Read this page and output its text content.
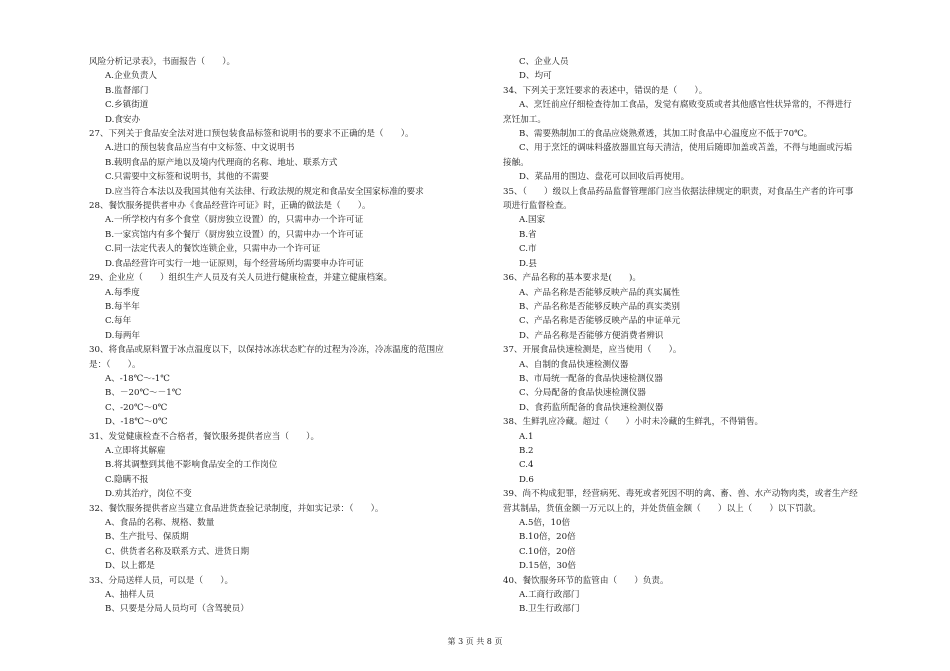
风险分析记录表》，书面报告（　　）。
A.企业负责人
B.监督部门
C.乡镇街道
D.食安办
27、下列关于食品安全法对进口预包装食品标签和说明书的要求不正确的是（　　）。
A.进口的预包装食品应当有中文标签、中文说明书
B.载明食品的原产地以及境内代理商的名称、地址、联系方式
C.只需要中文标签和说明书，其他的不需要
D.应当符合本法以及我国其他有关法律、行政法规的规定和食品安全国家标准的要求
28、餐饮服务提供者申办《食品经营许可证》时，正确的做法是（　　）。
A.一所学校内有多个食堂（厨房独立设置）的，只需申办一个许可证
B.一家宾馆内有多个餐厅（厨房独立设置）的，只需申办一个许可证
C.同一法定代表人的餐饮连锁企业，只需申办一个许可证
D.食品经营许可实行一地一证原则，每个经营场所均需要申办许可证
29、企业应（　　）组织生产人员及有关人员进行健康检查，并建立健康档案。
A.每季度
B.每半年
C.每年
D.每两年
30、将食品或原料置于冰点温度以下，以保持冰冻状态贮存的过程为冷冻，冷冻温度的范围应
是：（　　）。
A、-18℃～-1℃
B、－20℃～－1℃
C、-20℃～0℃
D、-18℃～0℃
31、发觉健康检查不合格者，餐饮服务提供者应当（　　）。
A.立即将其解雇
B.将其调整到其他不影响食品安全的工作岗位
C.隐瞒不报
D.劝其治疗，岗位不变
32、餐饮服务提供者应当建立食品进货查验记录制度，并如实记录：（　　）。
A、食品的名称、规格、数量
B、生产批号、保质期
C、供货者名称及联系方式、进货日期
D、以上都是
33、分局送样人员，可以是（　　）。
A、抽样人员
B、只要是分局人员均可（含驾驶员）
C、企业人员
D、均可
34、下列关于烹饪要求的表述中，错误的是（　　）。
A、烹饪前应仔细检查待加工食品，发觉有腐败变质或者其他感官性状异常的，不得进行
烹饪加工。
B、需要熟制加工的食品应烧熟煮透，其加工时食品中心温度应不低于70℃。
C、用于烹饪的调味料盛放器皿宜每天清洁，使用后随即加盖或苫盖，不得与地面或污垢
接触。
D、菜品用的围边、盘花可以回收后再使用。
35、（　　）级以上食品药品监督管理部门应当依据法律规定的职责，对食品生产者的许可事
项进行监督检查。
A.国家
B.省
C.市
D.县
36、产品名称的基本要求是(　　)。
A、产品名称是否能够反映产品的真实属性
B、产品名称是否能够反映产品的真实类别
C、产品名称是否能够反映产品的申证单元
D、产品名称是否能够方便消费者辨识
37、开展食品快速检测是，应当使用（　　）。
A、自制的食品快速检测仪器
B、市局统一配备的食品快速检测仪器
C、分局配备的食品快速检测仪器
D、食药监所配备的食品快速检测仪器
38、生鲜乳应冷藏。超过（　　）小时未冷藏的生鲜乳，不得销售。
A.1
B.2
C.4
D.6
39、尚不构成犯罪，经营病死、毒死或者死因不明的禽、畜、兽、水产动物肉类，或者生产经
营其制品，货值金额一万元以上的，并处货值金额（　　）以上（　　）以下罚款。
A.5倍，10倍
B.10倍，20倍
C.10倍，20倍
D.15倍，30倍
40、餐饮服务环节的监管由（　　）负责。
A.工商行政部门
B.卫生行政部门
第 3 页 共 8 页
